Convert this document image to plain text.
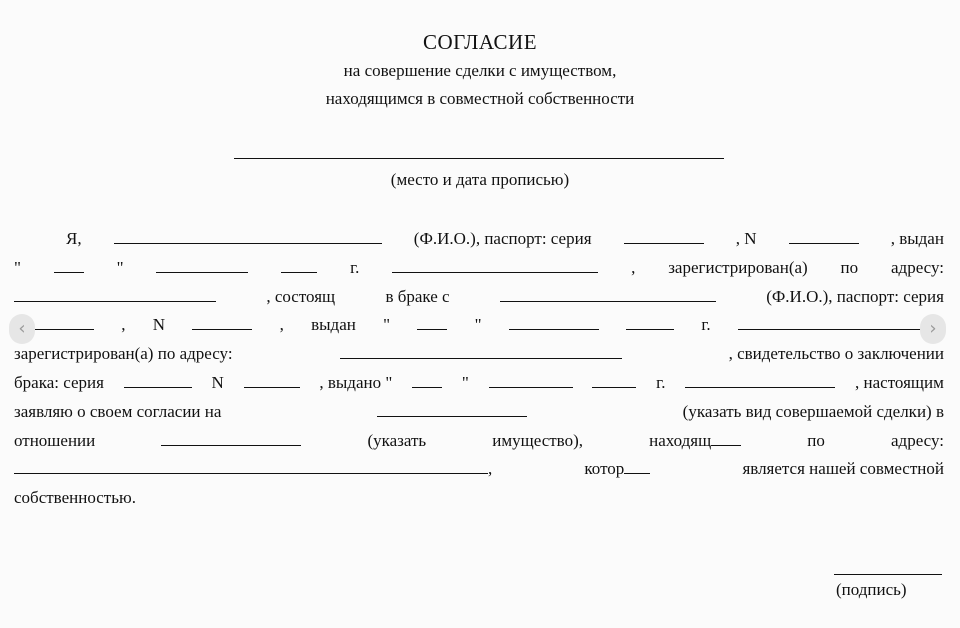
СОГЛАСИЕ
на совершение сделки с имуществом,
находящимся в совместной собственности
(место и дата прописью)
Я,	(Ф.И.О.), паспорт: серия	, N	, выдан
"	"	г.	, зарегистрирован(а) по адресу:
, состоящ	в браке с	(Ф.И.О.), паспорт: серия
, N	, выдан "	"	г.
зарегистрирован(а) по адресу:	, свидетельство о заключении
брака: серия	N	, выдано "	"	г.	, настоящим
заявляю о своем согласии на	(указать вид совершаемой сделки) в
отношении	(указать	имущество),	находящ	по	адресу:
,	котор	является нашей совместной
собственностью.
(подпись)
‹	›
